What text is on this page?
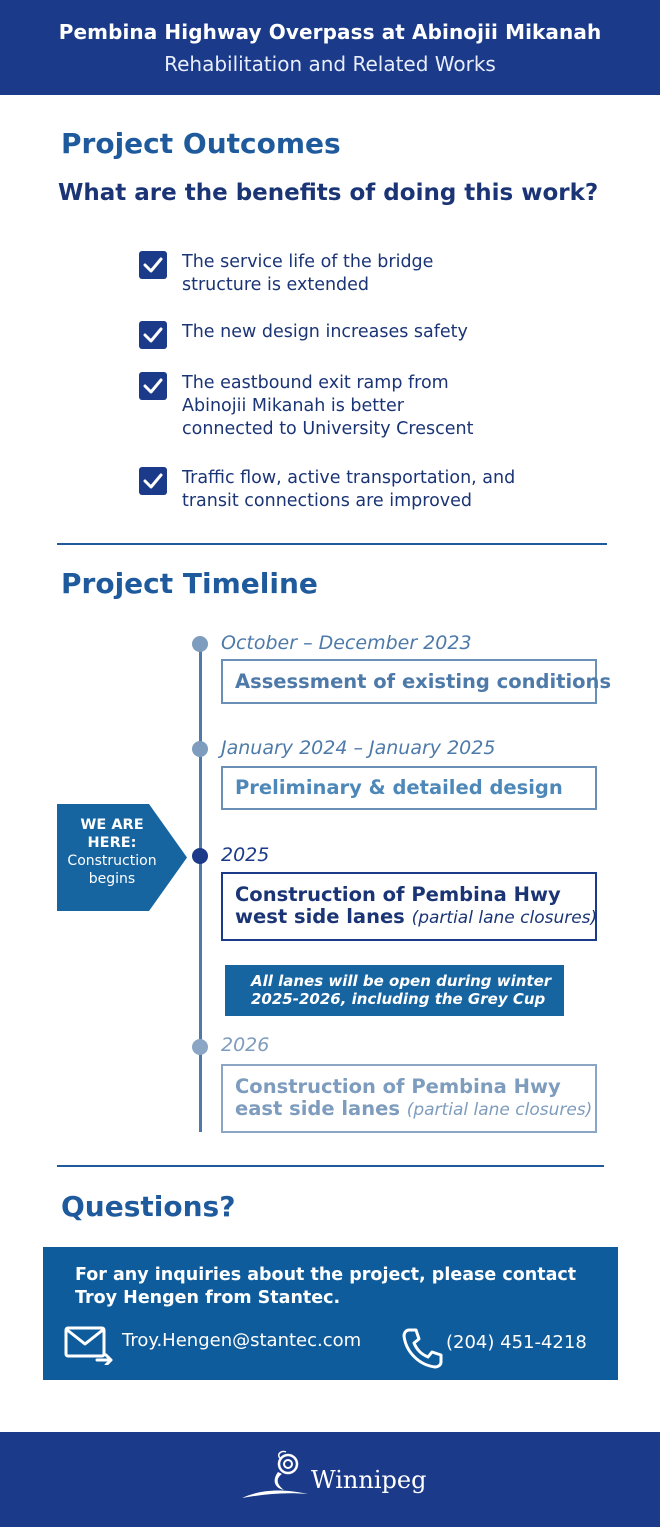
Pembina Highway Overpass at Abinojii Mikanah
Rehabilitation and Related Works
Project Outcomes
What are the benefits of doing this work?
The service life of the bridge
structure is extended
The new design increases safety
The eastbound exit ramp from
Abinojii Mikanah is better
connected to University Crescent
Traffic flow, active transportation, and
transit connections are improved
Project Timeline
October – December 2023
Assessment of existing conditions
January 2024 – January 2025
Preliminary & detailed design
WE ARE HERE:
Construction
begins
2025
Construction of Pembina Hwy
west side lanes (partial lane closures)
All lanes will be open during winter
2025-2026, including the Grey Cup
2026
Construction of Pembina Hwy
east side lanes (partial lane closures)
Questions?
For any inquiries about the project, please contact Troy Hengen from Stantec.
Troy.Hengen@stantec.com	(204) 451-4218
Winnipeg
